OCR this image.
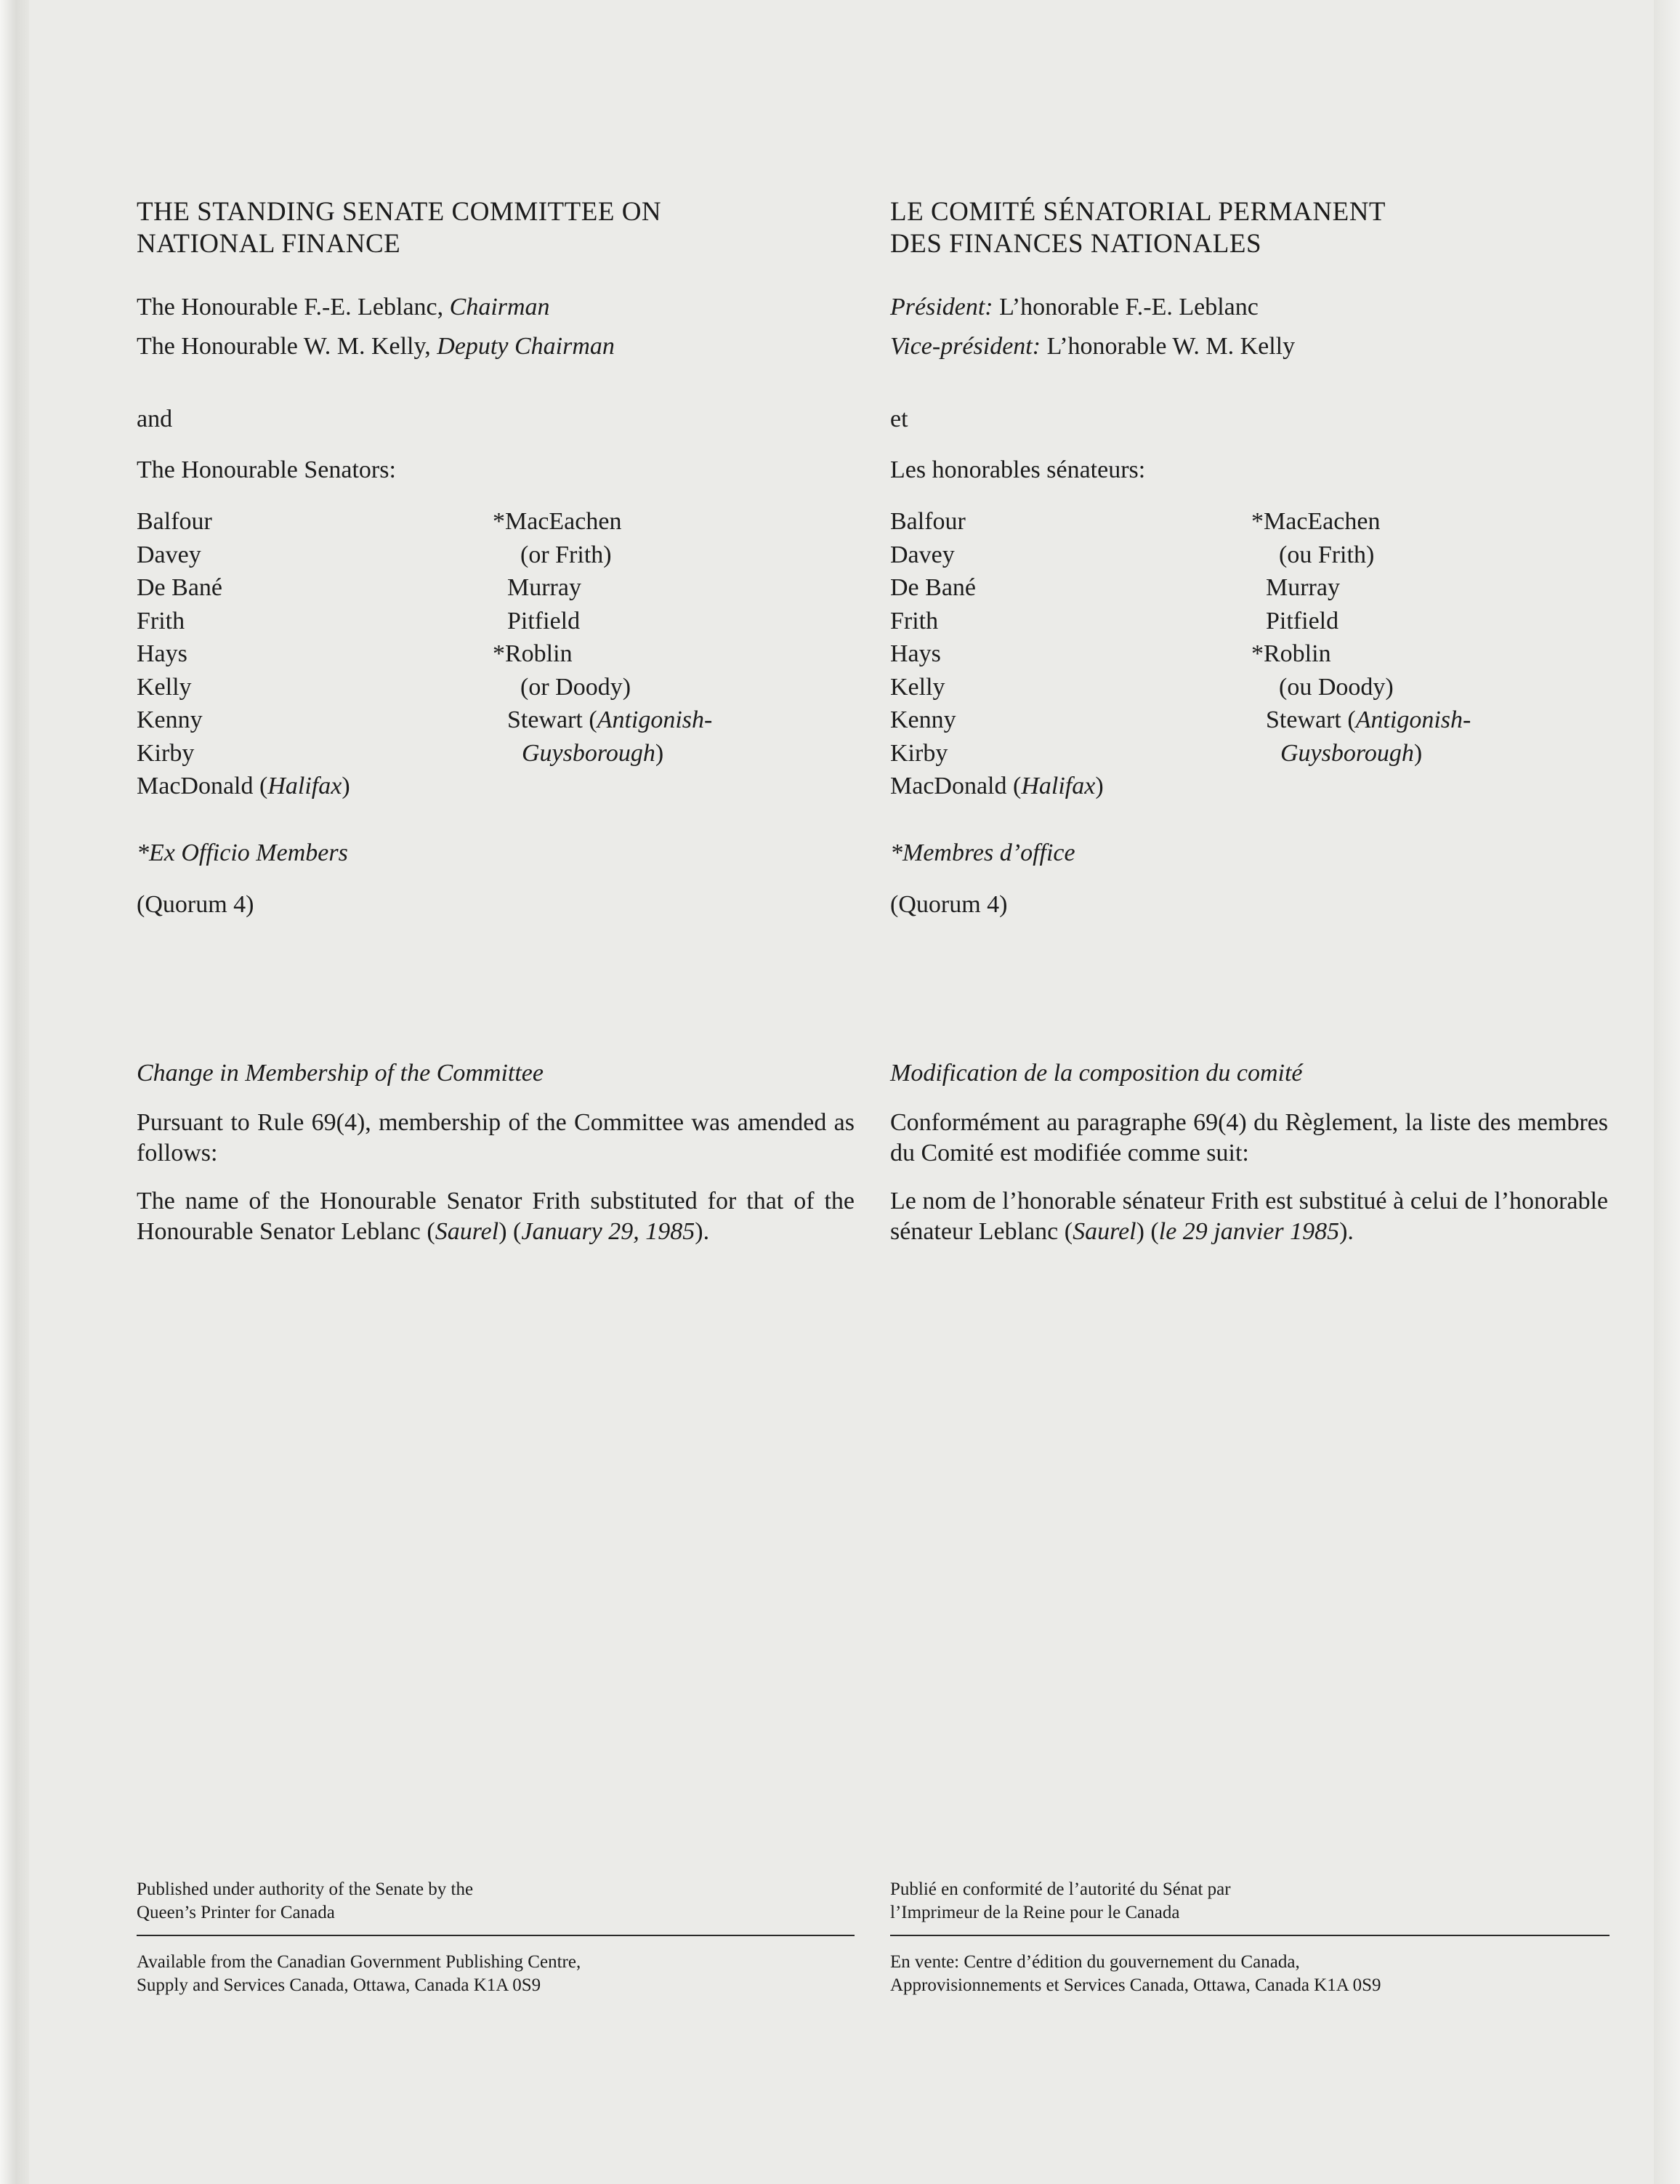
THE STANDING SENATE COMMITTEE ON
NATIONAL FINANCE
The Honourable F.-E. Leblanc, Chairman
The Honourable W. M. Kelly, Deputy Chairman
and
The Honourable Senators:
Balfour
Davey
De Bané
Frith
Hays
Kelly
Kenny
Kirby
MacDonald (Halifax)
*MacEachen
(or Frith)
Murray
Pitfield
*Roblin
(or Doody)
Stewart (Antigonish-
Guysborough)
*Ex Officio Members
(Quorum 4)
Change in Membership of the Committee
Pursuant to Rule 69(4), membership of the Committee was amended as follows:
The name of the Honourable Senator Frith substituted for that of the Honourable Senator Leblanc (Saurel) (January 29, 1985).
Published under authority of the Senate by the
Queen’s Printer for Canada
Available from the Canadian Government Publishing Centre,
Supply and Services Canada, Ottawa, Canada K1A 0S9
LE COMITÉ SÉNATORIAL PERMANENT
DES FINANCES NATIONALES
Président: L’honorable F.-E. Leblanc
Vice-président: L’honorable W. M. Kelly
et
Les honorables sénateurs:
Balfour
Davey
De Bané
Frith
Hays
Kelly
Kenny
Kirby
MacDonald (Halifax)
*MacEachen
(ou Frith)
Murray
Pitfield
*Roblin
(ou Doody)
Stewart (Antigonish-
Guysborough)
*Membres d’office
(Quorum 4)
Modification de la composition du comité
Conformément au paragraphe 69(4) du Règlement, la liste des membres du Comité est modifiée comme suit:
Le nom de l’honorable sénateur Frith est substitué à celui de l’honorable sénateur Leblanc (Saurel) (le 29 janvier 1985).
Publié en conformité de l’autorité du Sénat par
l’Imprimeur de la Reine pour le Canada
En vente: Centre d’édition du gouvernement du Canada,
Approvisionnements et Services Canada, Ottawa, Canada K1A 0S9
